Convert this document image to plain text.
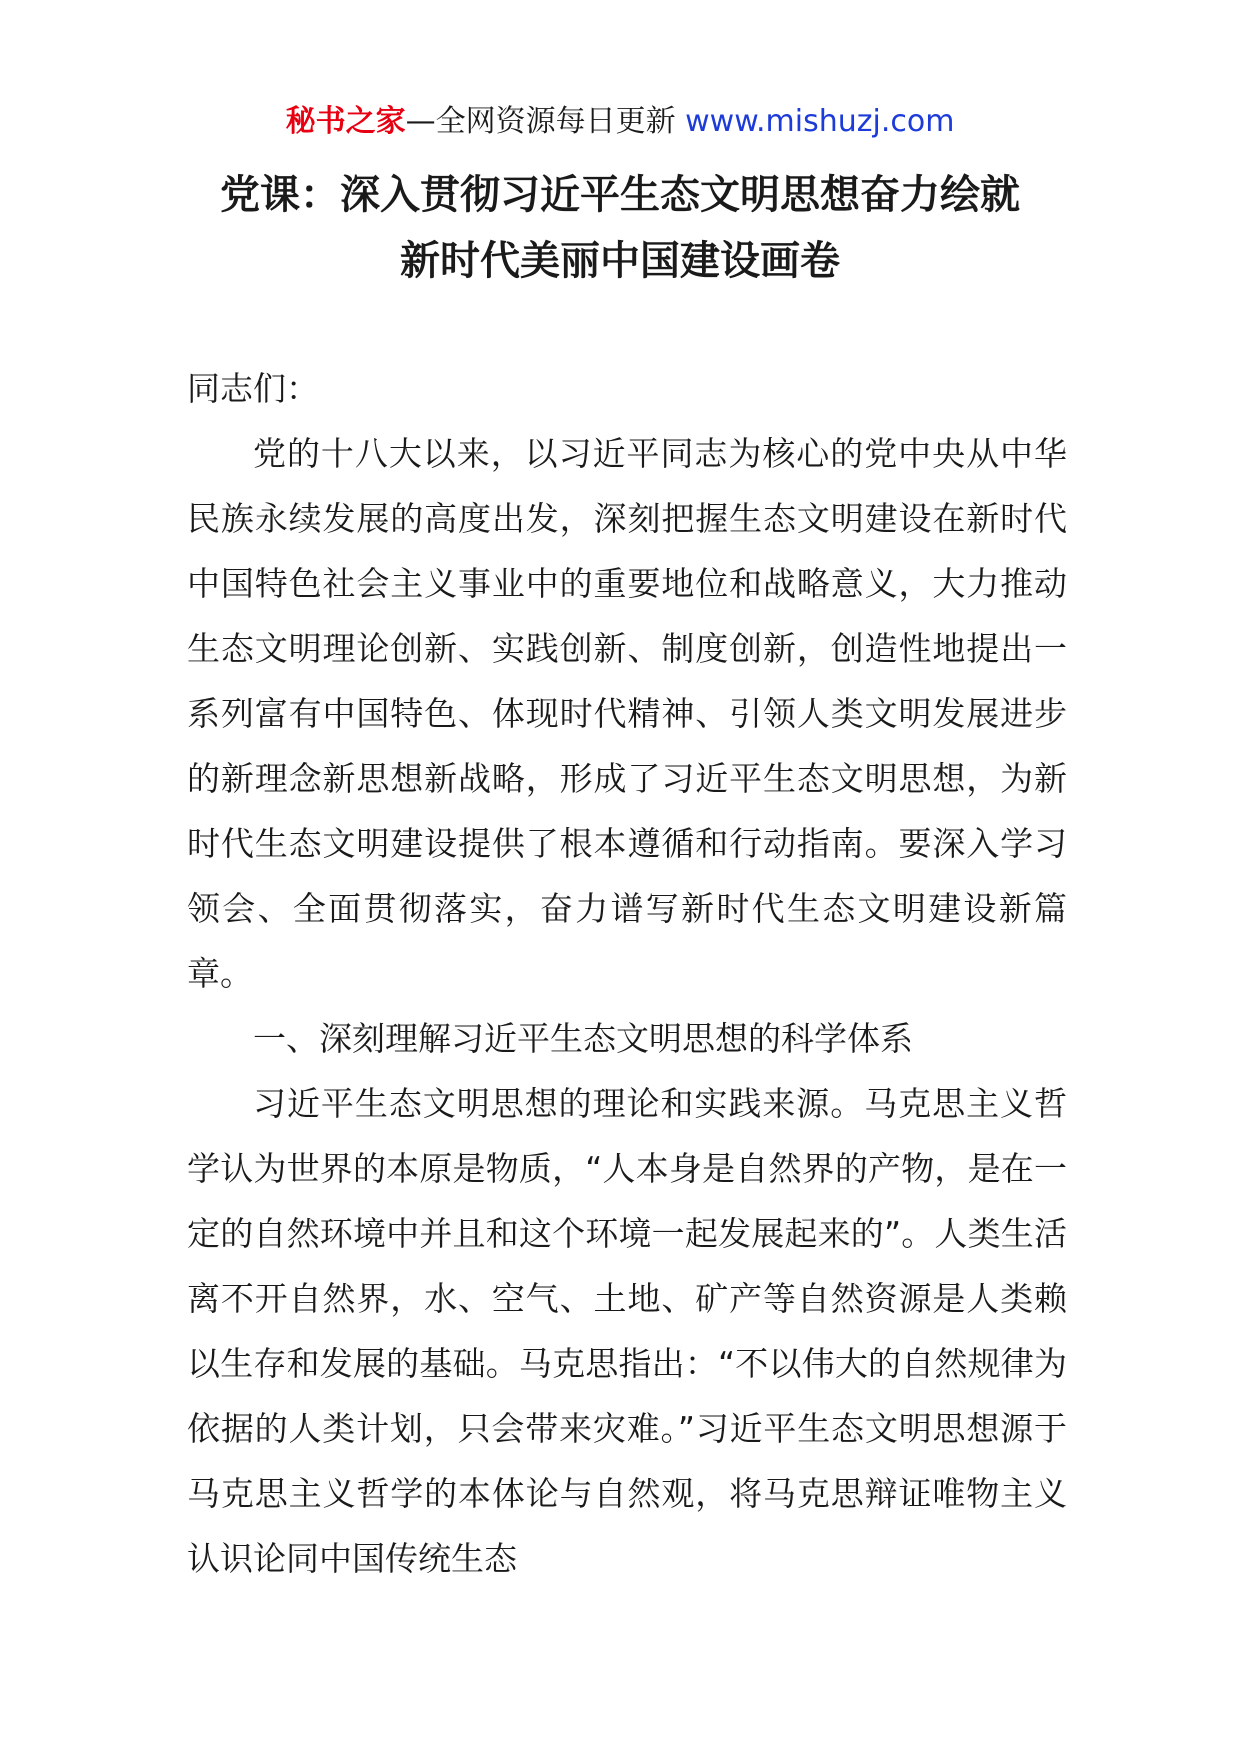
秘书之家—全网资源每日更新 www.mishuzj.com
党课：深入贯彻习近平生态文明思想奋力绘就
新时代美丽中国建设画卷

同志们：

党的十八大以来，以习近平同志为核心的党中央从中华民族永续发展的高度出发，深刻把握生态文明建设在新时代中国特色社会主义事业中的重要地位和战略意义，大力推动生态文明理论创新、实践创新、制度创新，创造性地提出一系列富有中国特色、体现时代精神、引领人类文明发展进步的新理念新思想新战略，形成了习近平生态文明思想，为新时代生态文明建设提供了根本遵循和行动指南。要深入学习领会、全面贯彻落实，奋力谱写新时代生态文明建设新篇章。

一、深刻理解习近平生态文明思想的科学体系

习近平生态文明思想的理论和实践来源。马克思主义哲学认为世界的本原是物质，“人本身是自然界的产物，是在一定的自然环境中并且和这个环境一起发展起来的”。人类生活离不开自然界，水、空气、土地、矿产等自然资源是人类赖以生存和发展的基础。马克思指出：“不以伟大的自然规律为依据的人类计划，只会带来灾难。”习近平生态文明思想源于马克思主义哲学的本体论与自然观，将马克思辩证唯物主义认识论同中国传统生态
